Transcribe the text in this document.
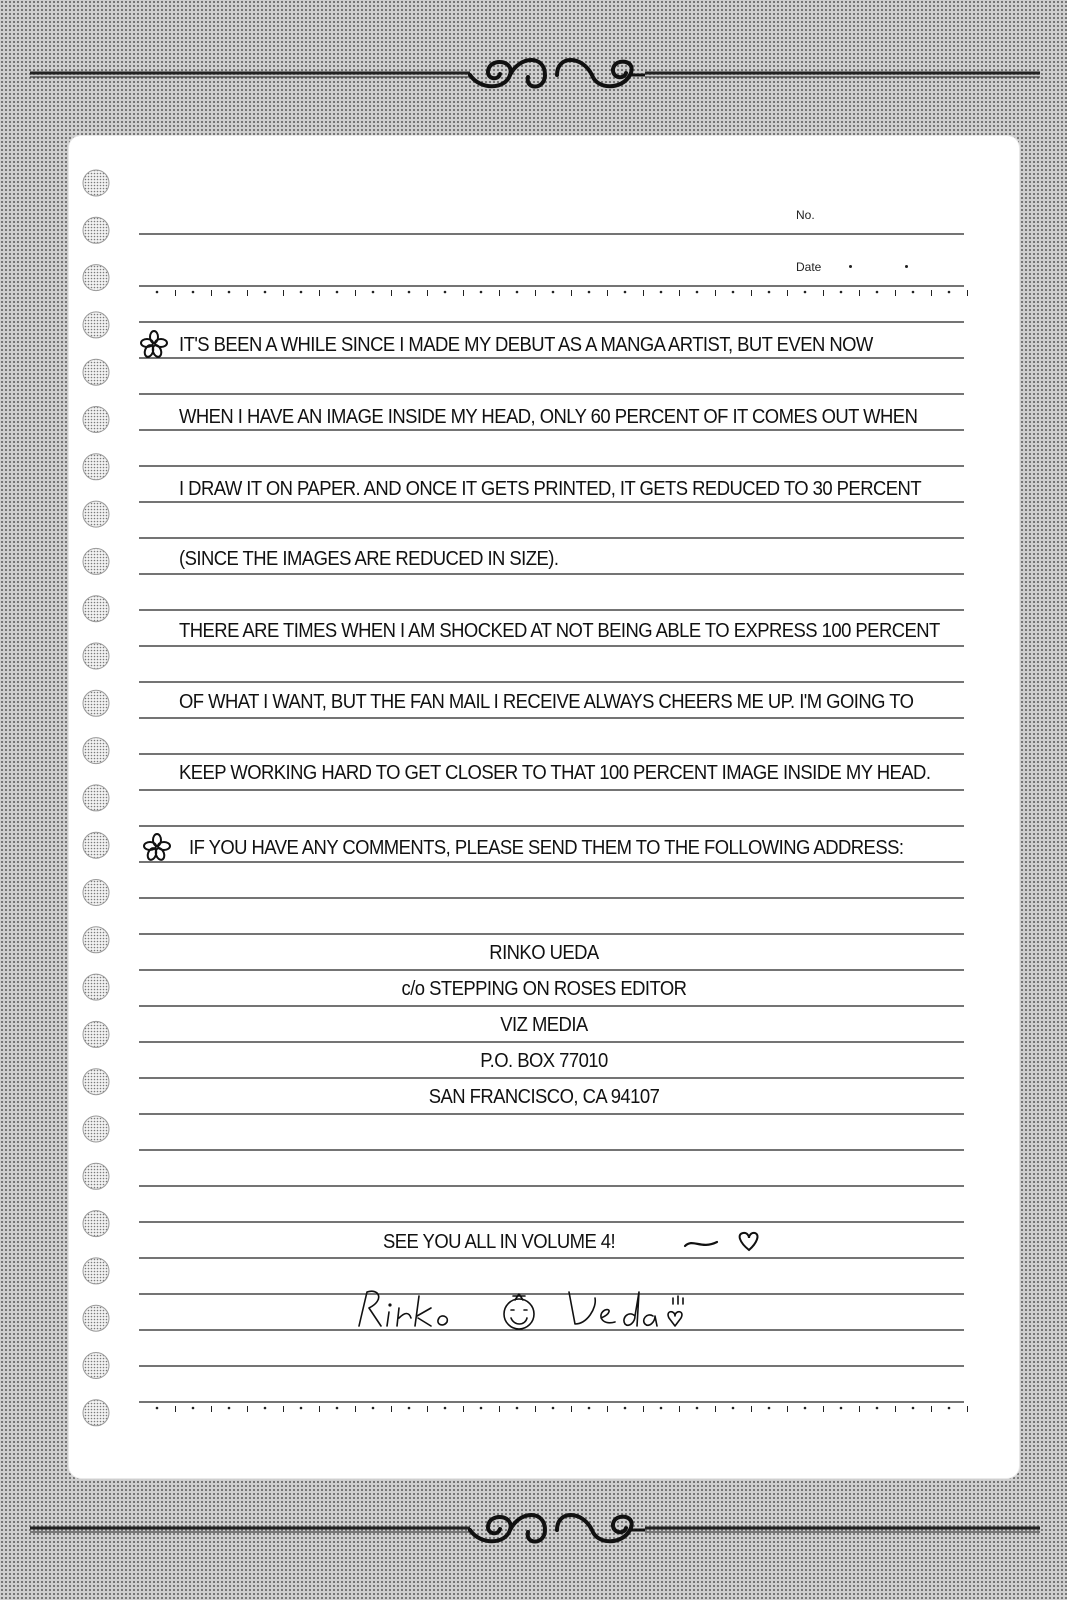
No.
Date
IT'S BEEN A WHILE SINCE I MADE MY DEBUT AS A MANGA ARTIST, BUT EVEN NOW
WHEN I HAVE AN IMAGE INSIDE MY HEAD, ONLY 60 PERCENT OF IT COMES OUT WHEN
I DRAW IT ON PAPER. AND ONCE IT GETS PRINTED, IT GETS REDUCED TO 30 PERCENT
(SINCE THE IMAGES ARE REDUCED IN SIZE).
THERE ARE TIMES WHEN I AM SHOCKED AT NOT BEING ABLE TO EXPRESS 100 PERCENT
OF WHAT I WANT, BUT THE FAN MAIL I RECEIVE ALWAYS CHEERS ME UP. I'M GOING TO
KEEP WORKING HARD TO GET CLOSER TO THAT 100 PERCENT IMAGE INSIDE MY HEAD.
IF YOU HAVE ANY COMMENTS, PLEASE SEND THEM TO THE FOLLOWING ADDRESS:
RINKO UEDA
c/o STEPPING ON ROSES EDITOR
VIZ MEDIA
P.O. BOX 77010
SAN FRANCISCO, CA 94107
SEE YOU ALL IN VOLUME 4!
